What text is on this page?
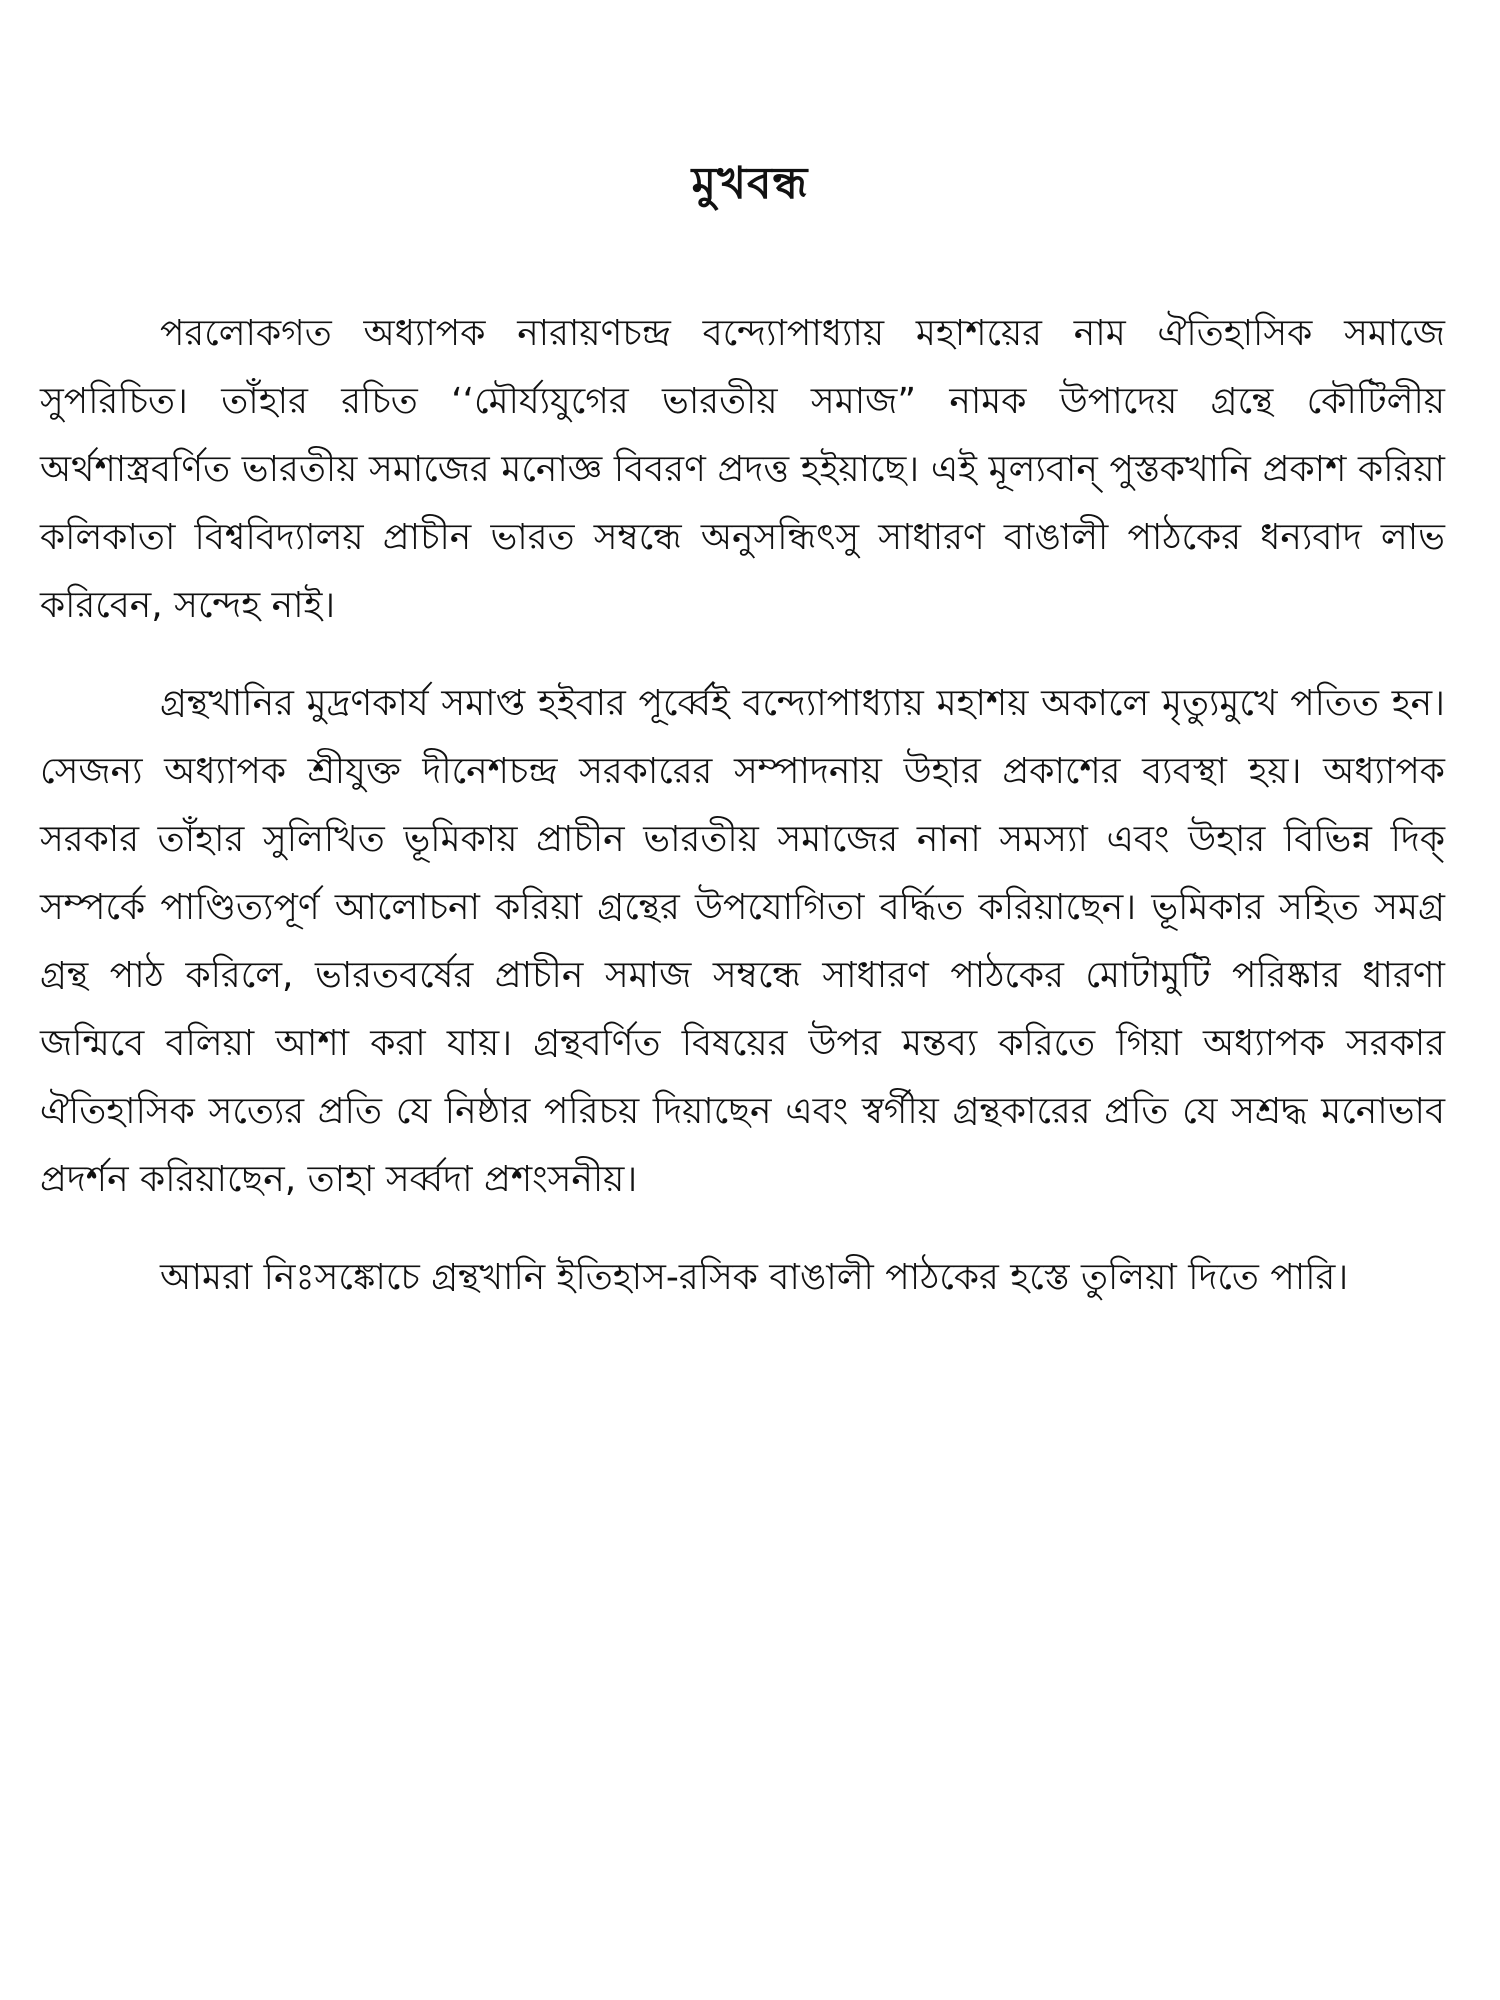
মুখবন্ধ

পরলোকগত অধ্যাপক নারায়ণচন্দ্র বন্দ্যোপাধ্যায় মহাশয়ের নাম ঐতিহাসিক সমাজে সুপরিচিত। তাঁহার রচিত ‘‘মৌর্য্যযুগের ভারতীয় সমাজ” নামক উপাদেয় গ্রন্থে কৌটিলীয় অর্থশাস্ত্রবর্ণিত ভারতীয় সমাজের মনোজ্ঞ বিবরণ প্রদত্ত হইয়াছে। এই মূল্যবান্ পুস্তকখানি প্রকাশ করিয়া কলিকাতা বিশ্ববিদ্যালয় প্রাচীন ভারত সম্বন্ধে অনুসন্ধিৎসু সাধারণ বাঙালী পাঠকের ধন্যবাদ লাভ করিবেন, সন্দেহ নাই।

গ্রন্থখানির মুদ্রণকার্য সমাপ্ত হইবার পূর্ব্বেই বন্দ্যোপাধ্যায় মহাশয় অকালে মৃত্যুমুখে পতিত হন। সেজন্য অধ্যাপক শ্রীযুক্ত দীনেশচন্দ্র সরকারের সম্পাদনায় উহার প্রকাশের ব্যবস্থা হয়। অধ্যাপক সরকার তাঁহার সুলিখিত ভূমিকায় প্রাচীন ভারতীয় সমাজের নানা সমস্যা এবং উহার বিভিন্ন দিক্ সম্পর্কে পাণ্ডিত্যপূর্ণ আলোচনা করিয়া গ্রন্থের উপযোগিতা বর্দ্ধিত করিয়াছেন। ভূমিকার সহিত সমগ্র গ্রন্থ পাঠ করিলে, ভারতবর্ষের প্রাচীন সমাজ সম্বন্ধে সাধারণ পাঠকের মোটামুটি পরিষ্কার ধারণা জন্মিবে বলিয়া আশা করা যায়। গ্রন্থবর্ণিত বিষয়ের উপর মন্তব্য করিতে গিয়া অধ্যাপক সরকার ঐতিহাসিক সত্যের প্রতি যে নিষ্ঠার পরিচয় দিয়াছেন এবং স্বর্গীয় গ্রন্থকারের প্রতি যে সশ্রদ্ধ মনোভাব প্রদর্শন করিয়াছেন, তাহা সর্ব্বদা প্রশংসনীয়।

আমরা নিঃসঙ্কোচে গ্রন্থখানি ইতিহাস-রসিক বাঙালী পাঠকের হস্তে তুলিয়া দিতে পারি।
